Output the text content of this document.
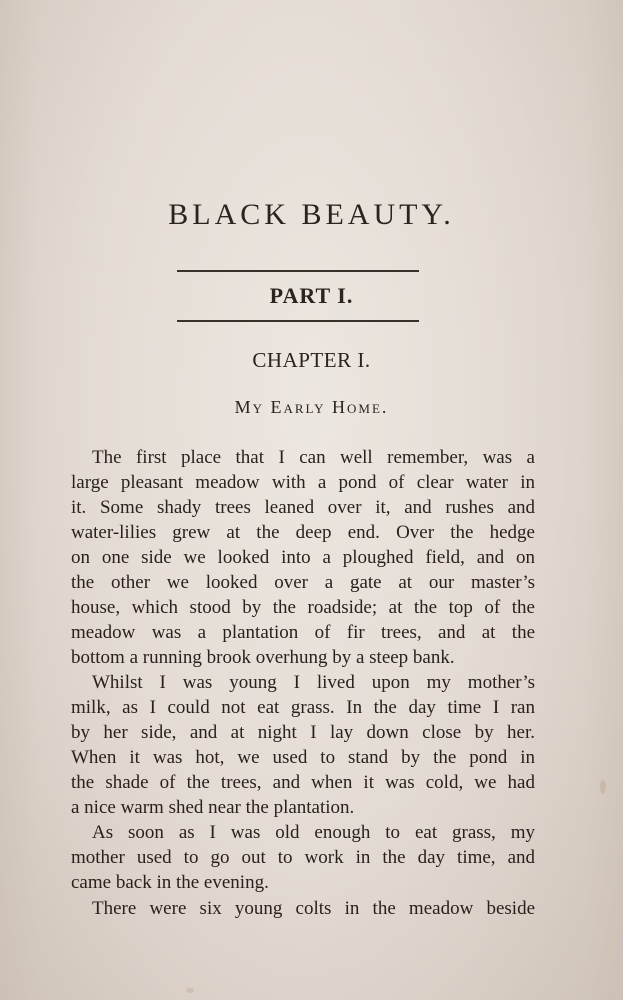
BLACK BEAUTY.
PART I.
CHAPTER I.
My Early Home.
The first place that I can well remember, was a
large pleasant meadow with a pond of clear water in
it. Some shady trees leaned over it, and rushes and
water-lilies grew at the deep end. Over the hedge
on one side we looked into a ploughed field, and on
the other we looked over a gate at our master’s
house, which stood by the roadside; at the top of the
meadow was a plantation of fir trees, and at the
bottom a running brook overhung by a steep bank.
Whilst I was young I lived upon my mother’s
milk, as I could not eat grass. In the day time I ran
by her side, and at night I lay down close by her.
When it was hot, we used to stand by the pond in
the shade of the trees, and when it was cold, we had
a nice warm shed near the plantation.
As soon as I was old enough to eat grass, my
mother used to go out to work in the day time, and
came back in the evening.
There were six young colts in the meadow beside
